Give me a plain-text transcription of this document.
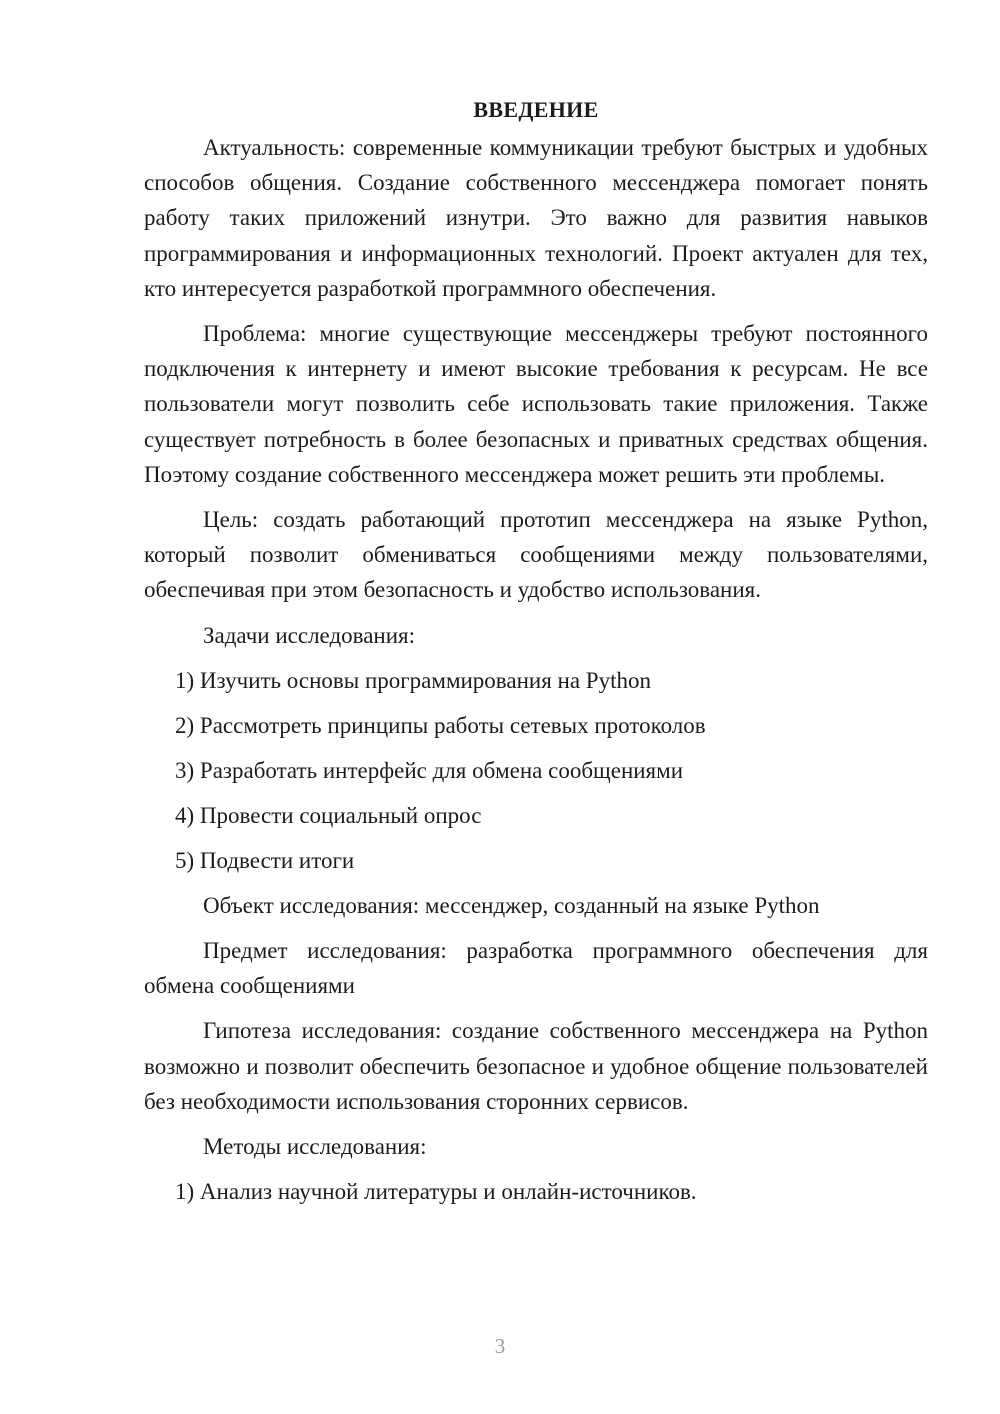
ВВЕДЕНИЕ

Актуальность: современные коммуникации требуют быстрых и удобных способов общения. Создание собственного мессенджера помогает понять работу таких приложений изнутри. Это важно для развития навыков программирования и информационных технологий. Проект актуален для тех, кто интересуется разработкой программного обеспечения.

Проблема: многие существующие мессенджеры требуют постоянного подключения к интернету и имеют высокие требования к ресурсам. Не все пользователи могут позволить себе использовать такие приложения. Также существует потребность в более безопасных и приватных средствах общения. Поэтому создание собственного мессенджера может решить эти проблемы.

Цель: создать работающий прототип мессенджера на языке Python, который позволит обмениваться сообщениями между пользователями, обеспечивая при этом безопасность и удобство использования.

Задачи исследования:
1) Изучить основы программирования на Python
2) Рассмотреть принципы работы сетевых протоколов
3) Разработать интерфейс для обмена сообщениями
4) Провести социальный опрос
5) Подвести итоги
Объект исследования: мессенджер, созданный на языке Python

Предмет исследования: разработка программного обеспечения для обмена сообщениями

Гипотеза исследования: создание собственного мессенджера на Python возможно и позволит обеспечить безопасное и удобное общение пользователей без необходимости использования сторонних сервисов.

Методы исследования:
1) Анализ научной литературы и онлайн-источников.
3
